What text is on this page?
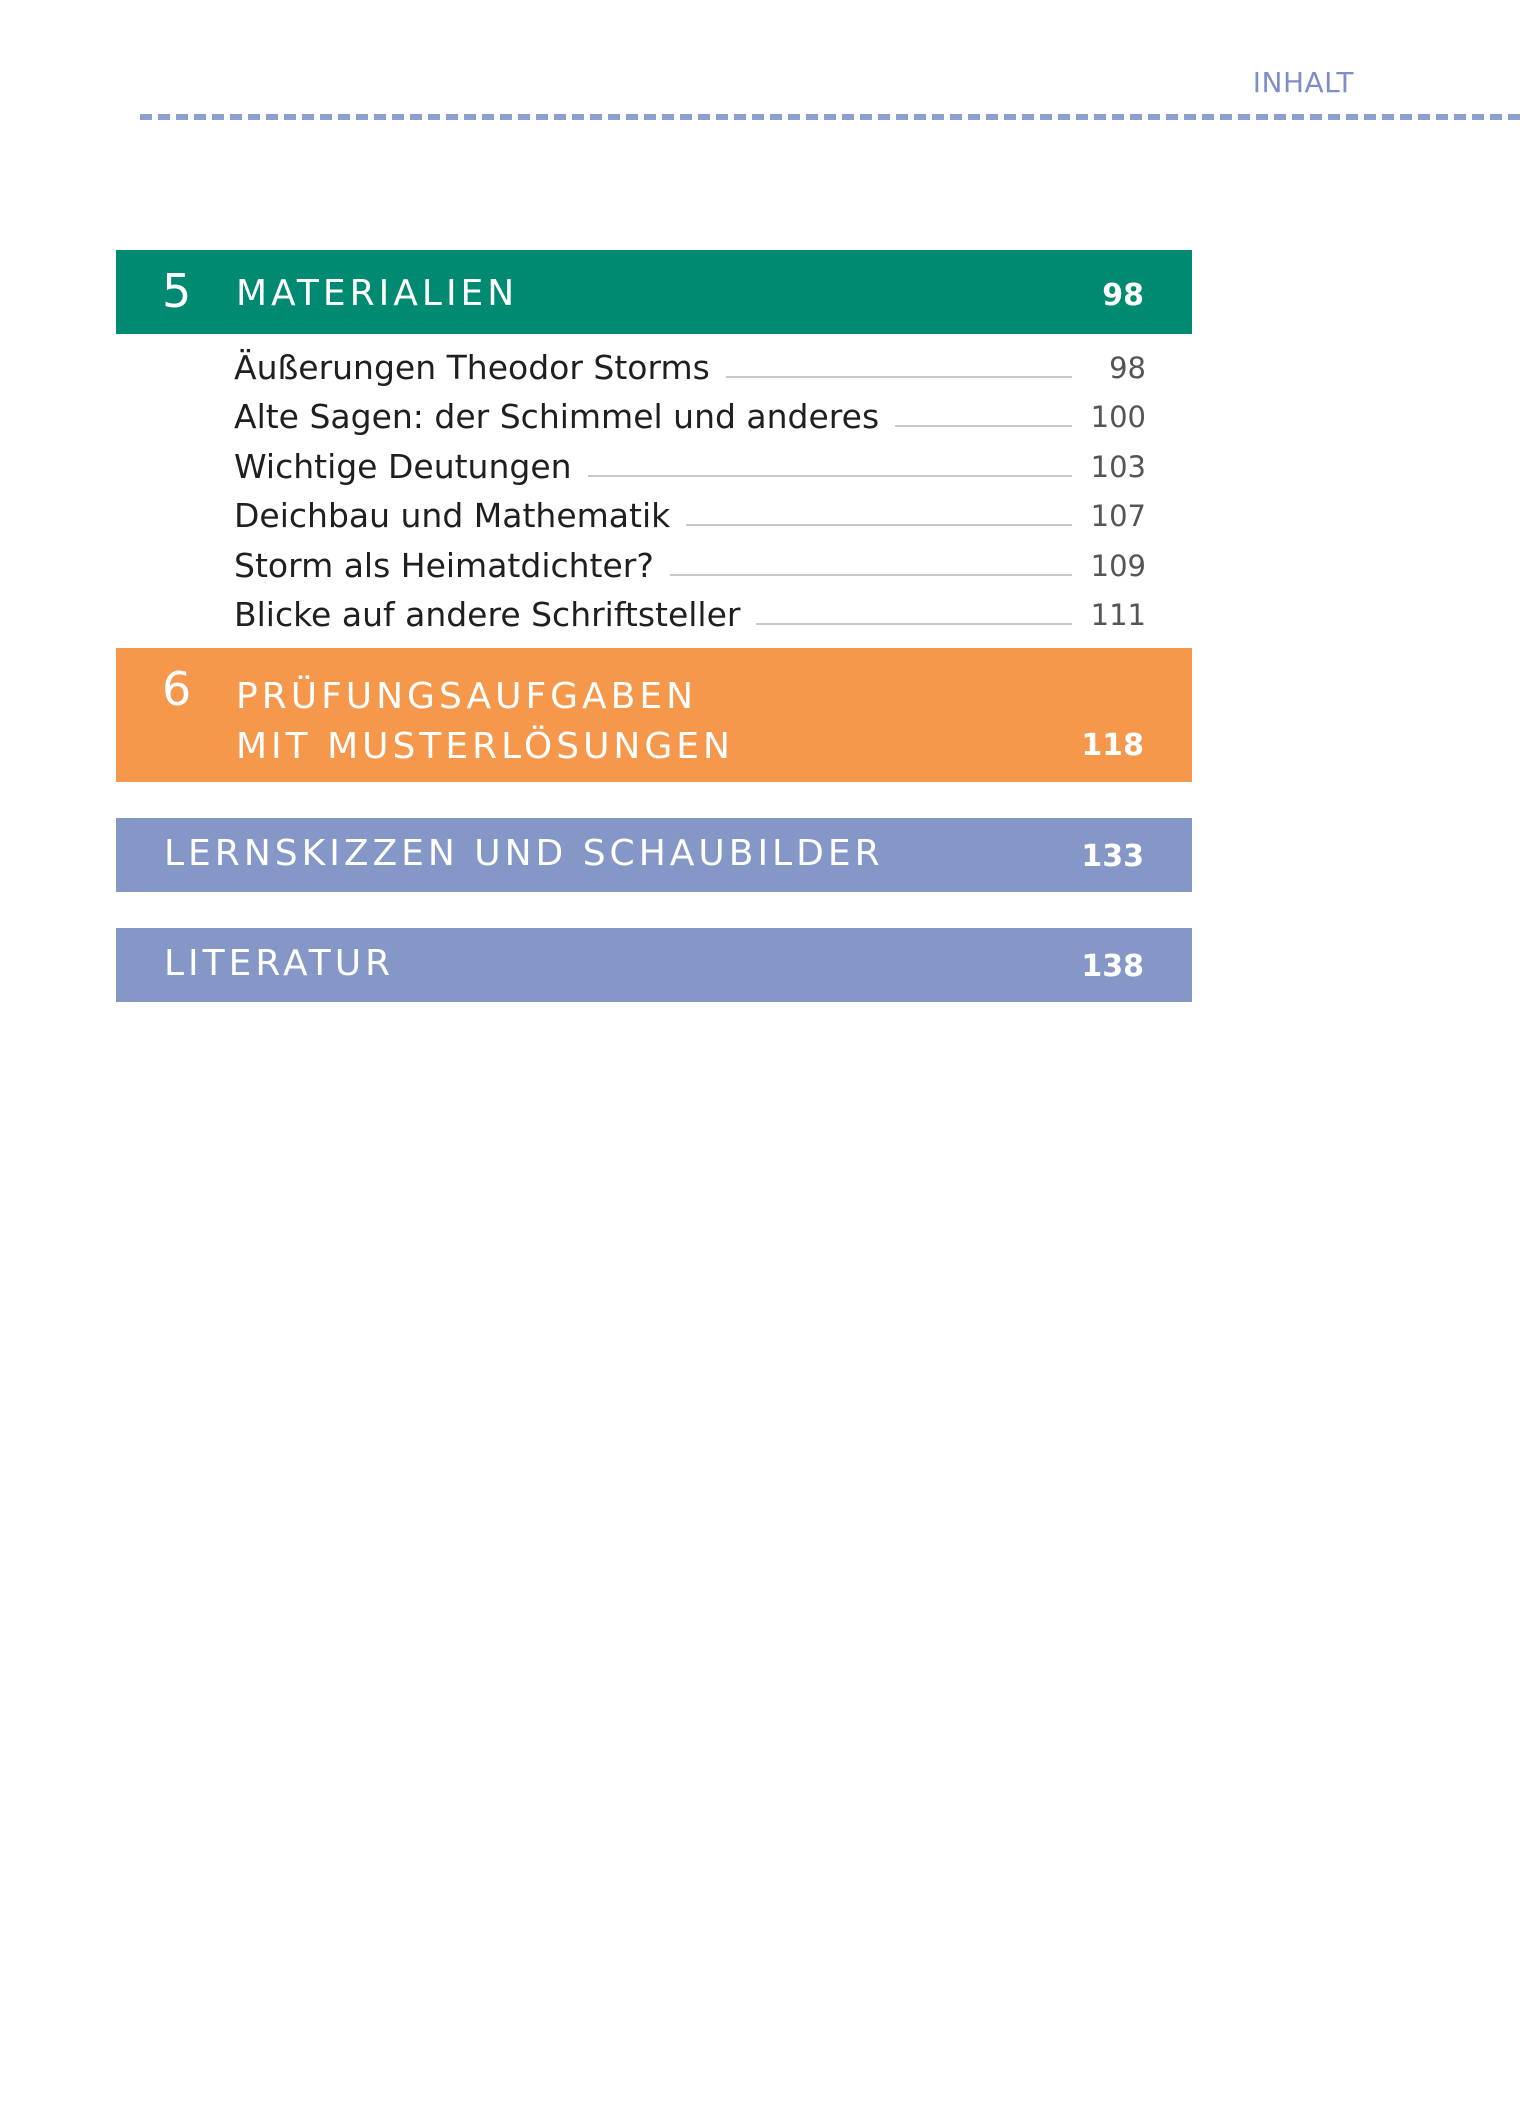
INHALT
5 MATERIALIEN	98
Äußerungen Theodor Storms	98
Alte Sagen: der Schimmel und anderes	100
Wichtige Deutungen	103
Deichbau und Mathematik	107
Storm als Heimatdichter?	109
Blicke auf andere Schriftsteller	111
6 PRÜFUNGSAUFGABEN
MIT MUSTERLÖSUNGEN	118
LERNSKIZZEN UND SCHAUBILDER	133
LITERATUR	138
